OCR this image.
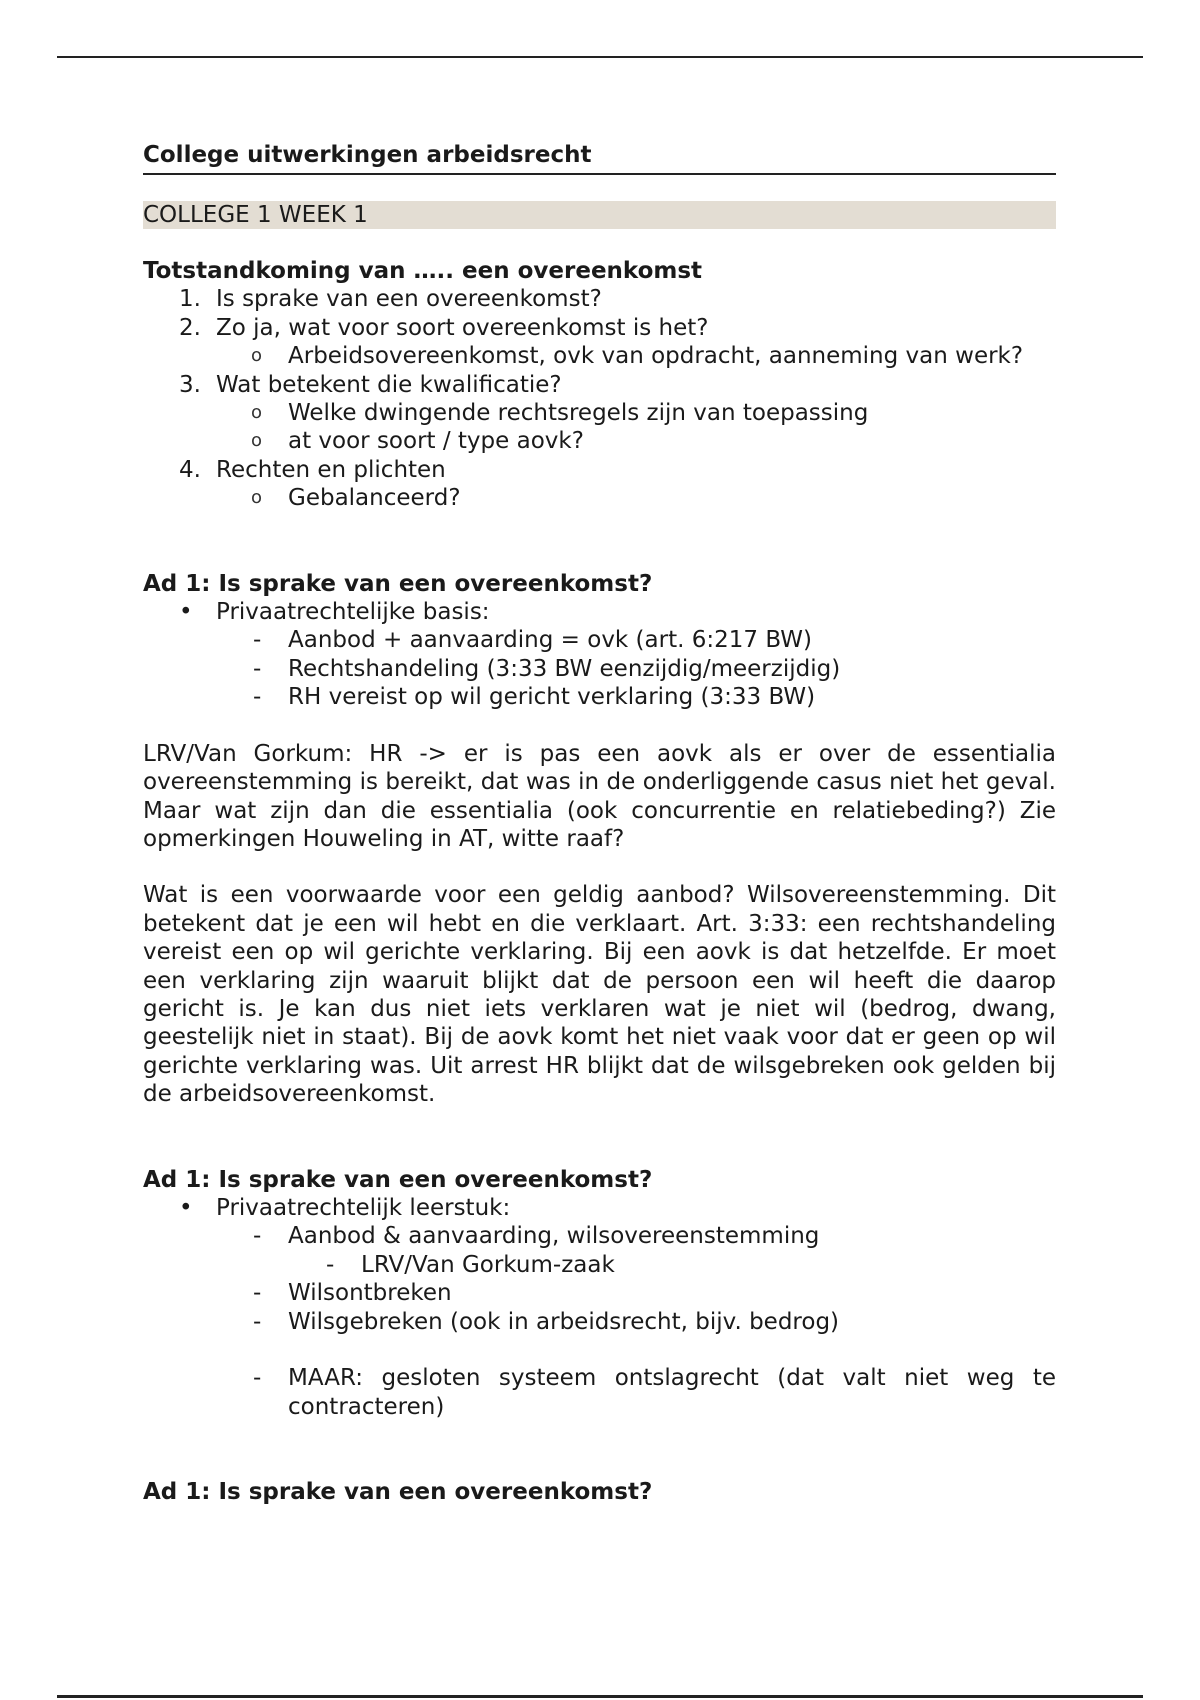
College uitwerkingen arbeidsrecht
COLLEGE 1 WEEK 1
Totstandkoming van ….. een overeenkomst
1. Is sprake van een overeenkomst?
2. Zo ja, wat voor soort overeenkomst is het?
o Arbeidsovereenkomst, ovk van opdracht, aanneming van werk?
3. Wat betekent die kwalificatie?
o Welke dwingende rechtsregels zijn van toepassing
o at voor soort / type aovk?
4. Rechten en plichten
o Gebalanceerd?
Ad 1: Is sprake van een overeenkomst?
• Privaatrechtelijke basis:
- Aanbod + aanvaarding = ovk (art. 6:217 BW)
- Rechtshandeling (3:33 BW eenzijdig/meerzijdig)
- RH vereist op wil gericht verklaring (3:33 BW)

LRV/Van Gorkum: HR -> er is pas een aovk als er over de essentialia overeenstemming is bereikt, dat was in de onderliggende casus niet het geval. Maar wat zijn dan die essentialia (ook concurrentie en relatiebeding?) Zie opmerkingen Houweling in AT, witte raaf?

Wat is een voorwaarde voor een geldig aanbod? Wilsovereenstemming. Dit betekent dat je een wil hebt en die verklaart. Art. 3:33: een rechtshandeling vereist een op wil gerichte verklaring. Bij een aovk is dat hetzelfde. Er moet een verklaring zijn waaruit blijkt dat de persoon een wil heeft die daarop gericht is. Je kan dus niet iets verklaren wat je niet wil (bedrog, dwang, geestelijk niet in staat). Bij de aovk komt het niet vaak voor dat er geen op wil gerichte verklaring was. Uit arrest HR blijkt dat de wilsgebreken ook gelden bij de arbeidsovereenkomst.

Ad 1: Is sprake van een overeenkomst?
• Privaatrechtelijk leerstuk:
- Aanbod & aanvaarding, wilsovereenstemming
- LRV/Van Gorkum-zaak
- Wilsontbreken
- Wilsgebreken (ook in arbeidsrecht, bijv. bedrog)
- MAAR: gesloten systeem ontslagrecht (dat valt niet weg te contracteren)
Ad 1: Is sprake van een overeenkomst?
